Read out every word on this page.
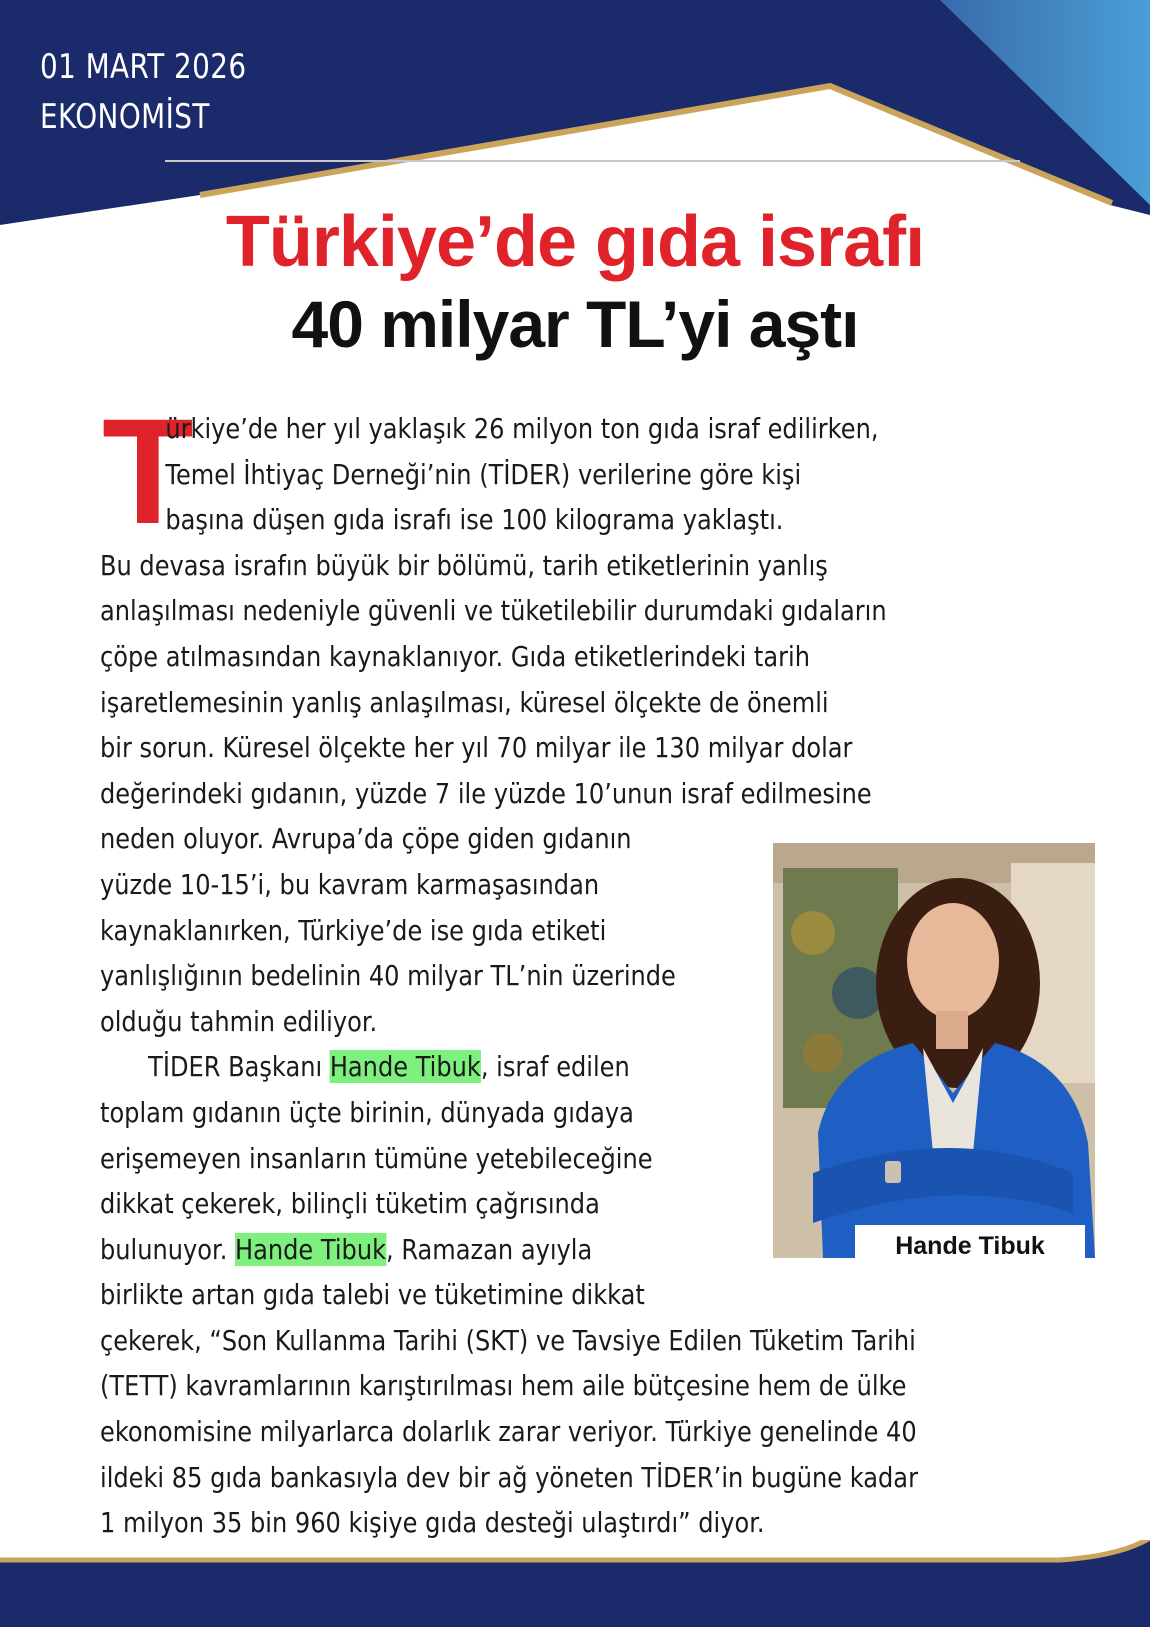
01 MART 2026
EKONOMİST
Türkiye’de gıda israfı
40 milyar TL’yi aştı
T
ürkiye’de her yıl yaklaşık 26 milyon ton gıda israf edilirken,
Temel İhtiyaç Derneği’nin (TİDER) verilerine göre kişi
başına düşen gıda israfı ise 100 kilograma yaklaştı.
Bu devasa israfın büyük bir bölümü, tarih etiketlerinin yanlış
anlaşılması nedeniyle güvenli ve tüketilebilir durumdaki gıdaların
çöpe atılmasından kaynaklanıyor. Gıda etiketlerindeki tarih
işaretlemesinin yanlış anlaşılması, küresel ölçekte de önemli
bir sorun. Küresel ölçekte her yıl 70 milyar ile 130 milyar dolar
değerindeki gıdanın, yüzde 7 ile yüzde 10’unun israf edilmesine
neden oluyor. Avrupa’da çöpe giden gıdanın
yüzde 10-15’i, bu kavram karmaşasından
kaynaklanırken, Türkiye’de ise gıda etiketi
yanlışlığının bedelinin 40 milyar TL’nin üzerinde
olduğu tahmin ediliyor.
TİDER Başkanı Hande Tibuk, israf edilen
toplam gıdanın üçte birinin, dünyada gıdaya
erişemeyen insanların tümüne yetebileceğine
dikkat çekerek, bilinçli tüketim çağrısında
bulunuyor. Hande Tibuk, Ramazan ayıyla
birlikte artan gıda talebi ve tüketimine dikkat
çekerek, “Son Kullanma Tarihi (SKT) ve Tavsiye Edilen Tüketim Tarihi
(TETT) kavramlarının karıştırılması hem aile bütçesine hem de ülke
ekonomisine milyarlarca dolarlık zarar veriyor. Türkiye genelinde 40
ildeki 85 gıda bankasıyla dev bir ağ yöneten TİDER’in bugüne kadar
1 milyon 35 bin 960 kişiye gıda desteği ulaştırdı” diyor.
Hande Tibuk
